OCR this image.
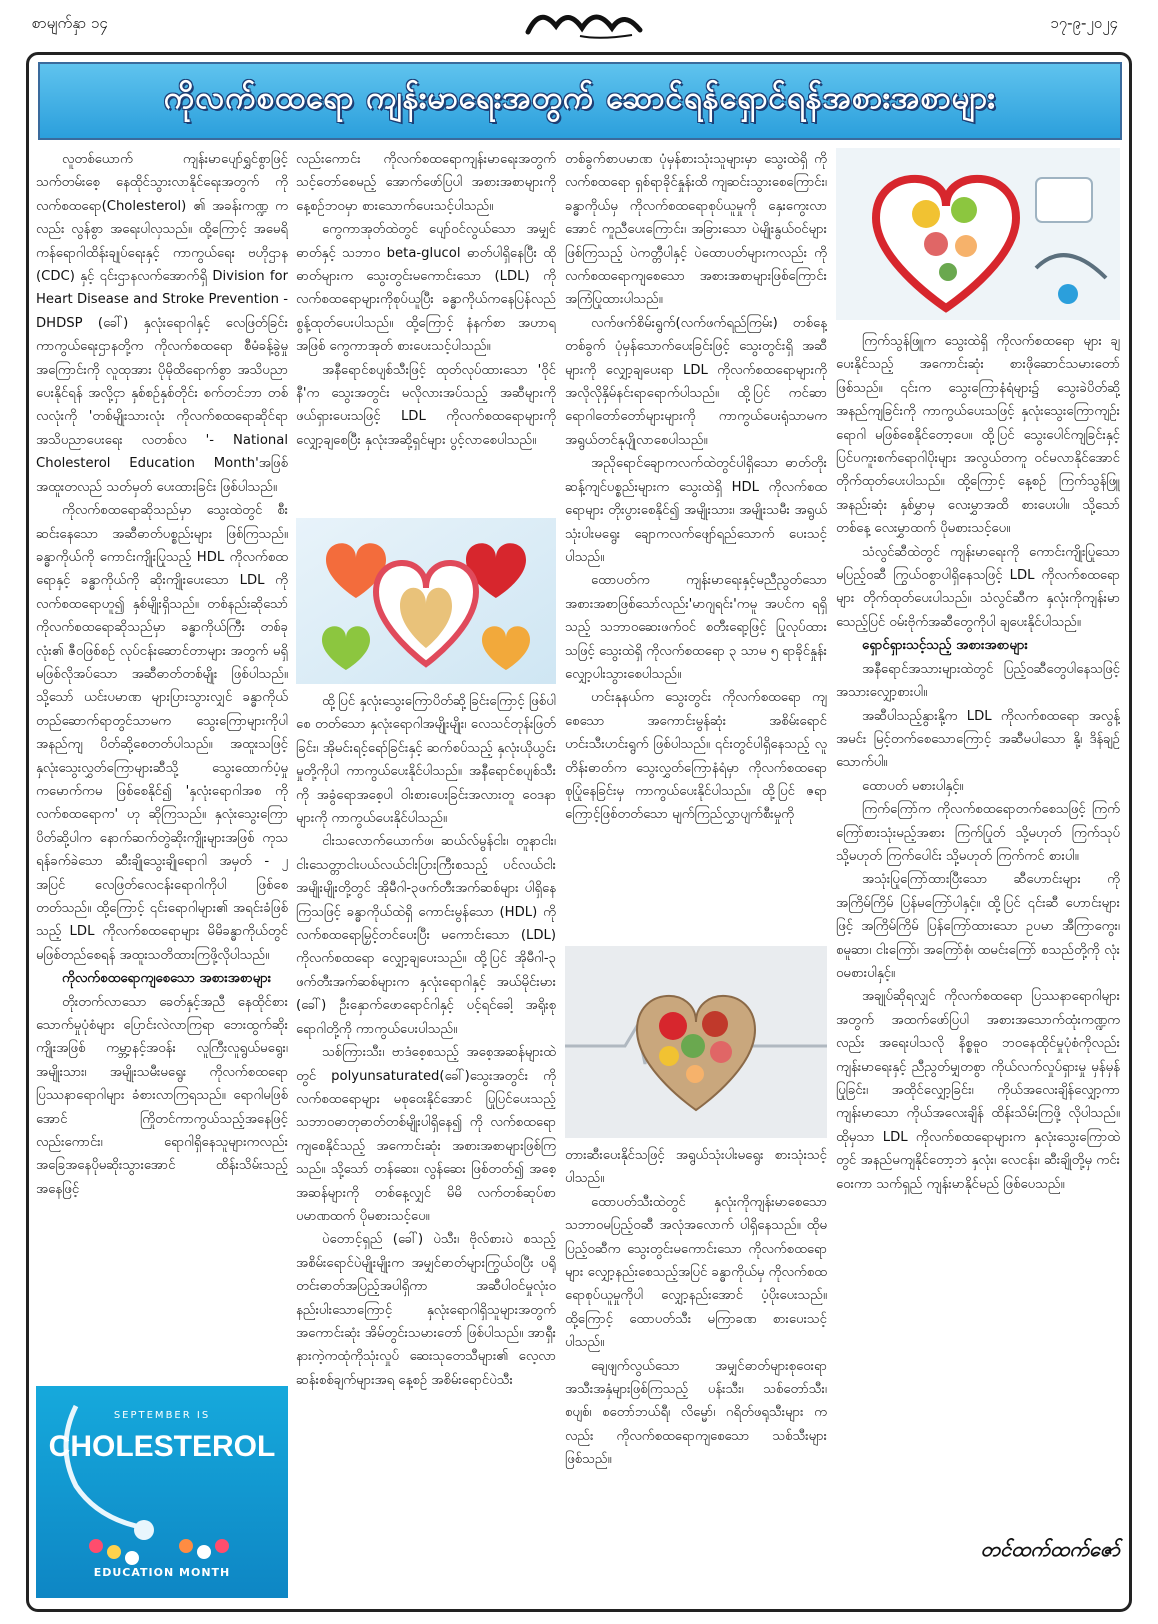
စာမျက်နှာ ၁၄	၁၇-၉-၂၀၂၄
ကိုလက်စထရော ကျန်းမာရေးအတွက် ဆောင်ရန်ရှောင်ရန်အစားအစာများ

လူတစ်ယောက် ကျန်းမာပျော်ရွှင်စွာဖြင့် သက်တမ်းစေ့ နေထိုင်သွားလာနိုင်ရေးအတွက် ကိုလက်စထရော(Cholesterol) ၏ အခန်းကဏ္ဍ ကလည်း လွန်စွာ အရေးပါလှသည်။ ထို့ကြောင့် အမေရိကန်ရောဂါထိန်းချုပ်ရေးနှင့် ကာကွယ်ရေး ဗဟိုဌာန (CDC) နှင့် ၎င်းဌာနလက်အောက်ရှိ Division for Heart Disease and Stroke Prevention - DHDSP (ခေါ်) နှလုံးရောဂါနှင့် လေဖြတ်ခြင်းကာကွယ်ရေးဌာနတို့က ကိုလက်စထရော စီမံခန့်ခွဲမှုအကြောင်းကို လူထုအား ပိုမိုထိရောက်စွာ အသိပညာပေးနိုင်ရန် အလို့ငှာ နှစ်စဉ်နှစ်တိုင်း စက်တင်ဘာ တစ်လလုံးကို 'တစ်မျိုးသားလုံး ကိုလက်စထရောဆိုင်ရာ အသိပညာပေးရေး လတစ်လ '- National Cholesterol Education Month'အဖြစ် အထူးတလည် သတ်မှတ် ပေးထားခြင်း ဖြစ်ပါသည်။

ကိုလက်စထရောဆိုသည်မှာ သွေးထဲတွင် စီးဆင်းနေသော အဆီဓာတ်ပစ္စည်းများ ဖြစ်ကြသည်။ ခန္ဓာကိုယ်ကို ကောင်းကျိုးပြုသည့် HDL ကိုလက်စထရောနှင့် ခန္ဓာကိုယ်ကို ဆိုးကျိုးပေးသော LDL ကိုလက်စထရောဟူ၍ နှစ်မျိုးရှိသည်။ တစ်နည်းဆိုသော် ကိုလက်စထရောဆိုသည်မှာ ခန္ဓာကိုယ်ကြီး တစ်ခုလုံး၏ ဇီဝဖြစ်စဉ် လုပ်ငန်းဆောင်တာများ အတွက် မရှိမဖြစ်လိုအပ်သော အဆီဓာတ်တစ်မျိုး ဖြစ်ပါသည်။ သို့သော် ယင်းပမာဏ များပြားသွားလျှင် ခန္ဓာကိုယ် တည်ဆောက်ရာတွင်သာမက သွေးကြောများကိုပါ အနည်ကျ ပိတ်ဆို့စေတတ်ပါသည်။ အထူးသဖြင့် နှလုံးသွေးလွှတ်ကြောများဆီသို့ သွေးထောက်ပံ့မှု ကမောက်ကမ ဖြစ်စေနိုင်၍ 'နှလုံးရောဂါအစ ကိုလက်စထရောက' ဟု ဆိုကြသည်။ နှလုံးသွေးကြောပိတ်ဆို့ပါက နောက်ဆက်တွဲဆိုးကျိုးများအဖြစ် ကုသရန်ခက်ခဲသော ဆီးချိုသွေးချိုရောဂါ အမှတ် - ၂ အပြင် လေဖြတ်လေငန်းရောဂါကိုပါ ဖြစ်စေတတ်သည်။ ထို့ကြောင့် ၎င်းရောဂါများ၏ အရင်းခံဖြစ်သည့် LDL ကိုလက်စထရောများ မိမိခန္ဓာကိုယ်တွင် မဖြစ်တည်စေရန် အထူးသတိထားကြဖို့လိုပါသည်။

ကိုလက်စထရောကျစေသော အစားအစာများ

တိုးတက်လာသော ခေတ်နှင့်အညီ နေထိုင်စားသောက်မှုပုံစံများ ပြောင်းလဲလာကြရာ ဘေးထွက်ဆိုးကျိုးအဖြစ် ကမ္ဘာ့နင့်အဝန်း လူကြီးလူရွယ်မရွေး၊ အမျိုးသား၊ အမျိုးသမီးမရွေး ကိုလက်စထရော ပြဿနာရောဂါများ ခံစားလာကြရသည်။ ရောဂါမဖြစ်အောင် ကြိုတင်ကာကွယ်သည့်အနေဖြင့် လည်းကောင်း၊ ရောဂါရှိနေသူများကလည်း အခြေအနေပိုမဆိုးသွားအောင် ထိန်းသိမ်းသည့်အနေဖြင့်

SEPTEMBER IS
CHOLESTEROL
EDUCATION MONTH

လည်းကောင်း ကိုလက်စထရောကျန်းမာရေးအတွက် သင့်တော်စေမည့် အောက်ဖော်ပြပါ အစားအစာများကို နေ့စဉ်ဘဝမှာ စားသောက်ပေးသင့်ပါသည်။

ကွေကာအုတ်ထဲတွင် ပျော်ဝင်လွယ်သော အမျှင်ဓာတ်နှင့် သဘာဝ beta-glucol ဓာတ်ပါရှိနေပြီး ထိုဓာတ်များက သွေးတွင်းမကောင်းသော (LDL) ကိုလက်စထရောများကိုစုပ်ယူပြီး ခန္ဓာကိုယ်ကနေပြန်လည် စွန့်ထုတ်ပေးပါသည်။ ထို့ကြောင့် နံနက်စာ အဟာရအဖြစ် ကွေကာအုတ် စားပေးသင့်ပါသည်။

အနီရောင်စပျစ်သီးဖြင့် ထုတ်လုပ်ထားသော 'ဝိုင်နီ'က သွေးအတွင်း မလိုလားအပ်သည့် အဆီများကို ဖယ်ရှားပေးသဖြင့် LDL ကိုလက်စထရောများကို လျှော့ချစေပြီး နှလုံးအဆို့ရှင်များ ပွင့်လာစေပါသည်။

ထို့ပြင် နှလုံးသွေးကြောပိတ်ဆို့ခြင်းကြောင့် ဖြစ်ပါစေ တတ်သော နှလုံးရောဂါအမျိုးမျိုး၊ လေသင်တုန်းဖြတ်ခြင်း၊ အိုမင်းရင့်ရော်ခြင်းနှင့် ဆက်စပ်သည့် နှလုံးယိုယွင်းမှုတို့ကိုပါ ကာကွယ်ပေးနိုင်ပါသည်။ အနီရောင်စပျစ်သီးကို အခွံရောအစေ့ပါ ဝါးစားပေးခြင်းအလားတူ ဝေဒနာများကို ကာကွယ်ပေးနိုင်ပါသည်။

ငါးသလောက်ယောက်ဖ၊ ဆယ်လ်မွန်ငါး၊ တူနာငါး၊ငါးသေတ္တာငါးပယ်လယ်ငါးပြားကြီးစသည့် ပင်လယ်ငါးအမျိုးမျိုးတို့တွင် အိုမီဂါ-၃ဖက်တီးအက်ဆစ်များ ပါရှိနေကြသဖြင့် ခန္ဓာကိုယ်ထဲရှိ ကောင်းမွန်သော (HDL) ကိုလက်စထရောမြှင့်တင်ပေးပြီး မကောင်းသော (LDL) ကိုလက်စထရော လျှော့ချပေးသည်။ ထို့ပြင် အိုမီဂါ-၃ ဖက်တီးအက်ဆစ်များက နှလုံးရောဂါနှင့် အယ်မိုင်းမား (ခေါ်) ဦးနှောက်ဖောရောင်ဂါနှင့် ပင့်ရင်ခေါ့ အရိုးစုရောဂါတို့ကို ကာကွယ်ပေးပါသည်။

သစ်ကြားသီး၊ ဗာဒံစေ့စသည့် အစေ့အဆန်များထဲတွင် polyunsaturated(ခေါ်)သွေးအတွင်း ကို လက်စထရောများ မစုဝေးနိုင်အောင် ပြုပြင်ပေးသည့် သဘာဝဓာတုဓာတ်တစ်မျိုးပါရှိနေ၍ ကို လက်စထရော ကျစေနိုင်သည့် အကောင်းဆုံး အစားအစာများဖြစ်ကြသည်။ သို့သော် တန်ဆေး၊ လွန်ဆေး ဖြစ်တတ်၍ အစေ့အဆန်များကို တစ်နေ့လျှင် မိမိ လက်တစ်ဆုပ်စာ ပမာဏထက် ပိုမစားသင့်ပေ။

ပဲတောင့်ရှည် (ခေါ်) ပဲသီး၊ ဗိုလ်စားပဲ စသည့် အစိမ်းရောင်ပဲမျိုးမျိုးက အမျှင်ဓာတ်များကြွယ်ဝပြီး ပရိုတင်းဓာတ်အပြည့်အပါရှိကာ အဆီပါဝင်မှုလုံးဝ နည်းပါးသောကြောင့် နှလုံးရောဂါရှိသူများအတွက် အကောင်းဆုံး အိမ်တွင်းသမားတော် ဖြစ်ပါသည်။ အာရှီးနားကဲ့ကထုံကိုသုံးလှုပ် ဆေးသုတေသီများ၏ လေ့လာဆန်းစစ်ချက်များအရ နေ့စဉ် အစိမ်းရောင်ပဲသီး

တစ်ခွက်စာပမာဏ ပုံမှန်စားသုံးသူများမှာ သွေးထဲရှိ ကိုလက်စထရော ရှစ်ရာခိုင်နှုန်းထိ ကျဆင်းသွားစေကြောင်း၊ ခန္ဓာကိုယ်မှ ကိုလက်စထရောစုပ်ယူမှုကို နှေးကွေးလာအောင် ကူညီပေးကြောင်း၊ အခြားသော ပဲမျိုးနွယ်ဝင်များဖြစ်ကြသည့် ပဲကတ္တီပါနှင့် ပဲထောပတ်များကလည်း ကိုလက်စထရောကျစေသော အစားအစာများဖြစ်ကြောင်း အကြံပြုထားပါသည်။

လက်ဖက်စိမ်းရွက်(လက်ဖက်ရည်ကြမ်း) တစ်နေ့တစ်ခွက် ပုံမှန်သောက်ပေးခြင်းဖြင့် သွေးတွင်းရှိ အဆီများကို လျှော့ချပေးရာ LDL ကိုလက်စထရောများကို အလိုလိုနှိမ်နင်းရာရောက်ပါသည်။ ထို့ပြင် ကင်ဆာရောဂါတော်တော်များများကို ကာကွယ်ပေးရုံသာမက အရွယ်တင်နုပျိုလာစေပါသည်။

အညိုရောင်ချောကလက်ထဲတွင်ပါရှိသော ဓာတ်တိုးဆန့်ကျင်ပစ္စည်းများက သွေးထဲရှိ HDL ကိုလက်စထရောများ တိုးပွားစေနိုင်၍ အမျိုးသား၊ အမျိုးသမီး အရွယ်သုံးပါးမရွေး ချောကလက်ဖျော်ရည်သောက် ပေးသင့်ပါသည်။

ထောပတ်က ကျန်းမာရေးနှင့်မညီညွတ်သော အစားအစာဖြစ်သော်လည်း'မာဂျရင်း'ကမူ အပင်က ရရှိသည့် သဘာဝဆေးဖက်ဝင် စတီးရော့ဖြင့် ပြုလုပ်ထားသဖြင့် သွေးထဲရှိ ကိုလက်စထရော ၃ သာမ ၅ ရာခိုင်နှုန်း လျှော့ပါးသွားစေပါသည်။

ဟင်းနုနယ်က သွေးတွင်း ကိုလက်စထရော ကျစေသော အကောင်းမွန်ဆုံး အစိမ်းရောင်ဟင်းသီးဟင်းရွက် ဖြစ်ပါသည်။ ၎င်းတွင်ပါရှိနေသည့် လူတိန်းဓာတ်က သွေးလွှတ်ကြောနံရံမှာ ကိုလက်စထရော စုပြုံနေခြင်းမှ ကာကွယ်ပေးနိုင်ပါသည်။ ထို့ပြင် ဇရာကြောင့်ဖြစ်တတ်သော မျက်ကြည်လွှာပျက်စီးမှုကို

တားဆီးပေးနိုင်သဖြင့် အရွယ်သုံးပါးမရွေး စားသုံးသင့်ပါသည်။

ထောပတ်သီးထဲတွင် နှလုံးကိုကျန်းမာစေသော သဘာဝမပြည့်ဝဆီ အလုံအလောက် ပါရှိနေသည်။ ထိုမပြည့်ဝဆီက သွေးတွင်းမကောင်းသော ကိုလက်စထရောများ လျှော့နည်းစေသည့်အပြင် ခန္ဓာကိုယ်မှ ကိုလက်စထရောစုပ်ယူမှုကိုပါ လျှော့နည်းအောင် ပံ့ပိုးပေးသည်။ ထို့ကြောင့် ထောပတ်သီး မကြာခဏ စားပေးသင့်ပါသည်။

ချေဖျက်လွယ်သော အမျှင်ဓာတ်များစုဝေးရာ အသီးအနှံများဖြစ်ကြသည့် ပန်းသီး၊ သစ်တော်သီး၊ စပျစ်၊ စတော်ဘယ်ရီ၊ လိမ္မော်၊ ဂရိတ်ဖရုသီးများ ကလည်း ကိုလက်စထရောကျစေသော သစ်သီးများ ဖြစ်သည်။

ကြက်သွန်ဖြူက သွေးထဲရှိ ကိုလက်စထရော များ ချပေးနိုင်သည့် အကောင်းဆုံး စားဖိုဆောင်သမားတော်ဖြစ်သည်။ ၎င်းက သွေးကြောနံရံများ၌ သွေးခဲပိတ်ဆို့အနည်ကျခြင်းကို ကာကွယ်ပေးသဖြင့် နှလုံးသွေးကြောကျဉ်းရောဂါ မဖြစ်စေနိုင်တော့ပေ။ ထို့ပြင် သွေးပေါင်ကျခြင်းနှင့် ပြင်ပကူးစက်ရောဂါပိုးများ အလွယ်တကူ ဝင်မလာနိုင်အောင် တိုက်ထုတ်ပေးပါသည်။ ထို့ကြောင့် နေ့စဉ် ကြက်သွန်ဖြူ အနည်းဆုံး နှစ်မွှာမှ လေးမွှာအထိ စားပေးပါ။ သို့သော် တစ်နေ့ လေးမွှာထက် ပိုမစားသင့်ပေ။

သံလွင်ဆီထဲတွင် ကျန်းမာရေးကို ကောင်းကျိုးပြုသော မပြည့်ဝဆီ ကြွယ်ဝစွာပါရှိနေသဖြင့် LDL ကိုလက်စထရောများ တိုက်ထုတ်ပေးပါသည်။ သံလွင်ဆီက နှလုံးကိုကျန်းမာသေည့်ပြင် ဝမ်းဗိုက်အဆီတွေကိုပါ ချပေးနိုင်ပါသည်။

ရှောင်ရှားသင့်သည့် အစားအစာများ

အနီရောင်အသားများထဲတွင် ပြည့်ဝဆီတွေပါနေသဖြင့် အသားလျှော့စားပါ။

အဆီပါသည့်နွားနို့က LDL ကိုလက်စထရော အလွန့်အမင်း မြင့်တက်စေသောကြောင့် အဆီမပါသော နို့၊ ဒိန်ချဉ် သောက်ပါ။

ထောပတ် မစားပါနှင့်။

ကြက်ကြော်က ကိုလက်စထရောတက်စေသဖြင့် ကြက်ကြော်စားသုံးမည့်အစား ကြက်ပြုတ် သို့မဟုတ် ကြက်သုပ် သို့မဟုတ် ကြက်ပေါင်း သို့မဟုတ် ကြက်ကင် စားပါ။

အသုံးပြုကြော်ထားပြီးသော ဆီဟောင်းများ ကို အကြိမ်ကြိမ် ပြန်မကြော်ပါနှင့်။ ထို့ပြင် ၎င်းဆီ ဟောင်းများဖြင့် အကြိမ်ကြိမ် ပြန်ကြော်ထားသော ဥပမာ အီကြာကွေး၊ စမူဆာ၊ ငါးကြော်၊ အကြော်စုံ၊ ထမင်းကြော် စသည်တို့ကို လုံးဝမစားပါနှင့်။

အချုပ်ဆိုရလျှင် ကိုလက်စထရော ပြဿနာရောဂါများအတွက် အထက်ဖော်ပြပါ အစားအသောက်ထုံးကဏ္ဍကလည်း အရေးပါသလို နိစ္စဓူဝ ဘဝနေထိုင်မှုပုံစံကိုလည်း ကျန်းမာရေးနှင့် ညီညွတ်မျှတစွာ ကိုယ်လက်လှုပ်ရှားမှု မှန်မှန်ပြုခြင်း၊ အထိုင်လျှော့ခြင်း၊ ကိုယ်အလေးချိန်လျှော့ကာ ကျန်းမာသော ကိုယ်အလေးချိန် ထိန်းသိမ်းကြဖို့ လိုပါသည်။ ထိုမှသာ LDL ကိုလက်စထရောများက နှလုံးသွေးကြောထဲတွင် အနည်မကျနိုင်တော့ဘဲ နှလုံး၊ လေငန်း၊ ဆီးချိုတို့မှ ကင်းဝေးကာ သက်ရှည် ကျန်းမာနိုင်မည် ဖြစ်ပေသည်။

တင်ထက်ထက်ဇော်
